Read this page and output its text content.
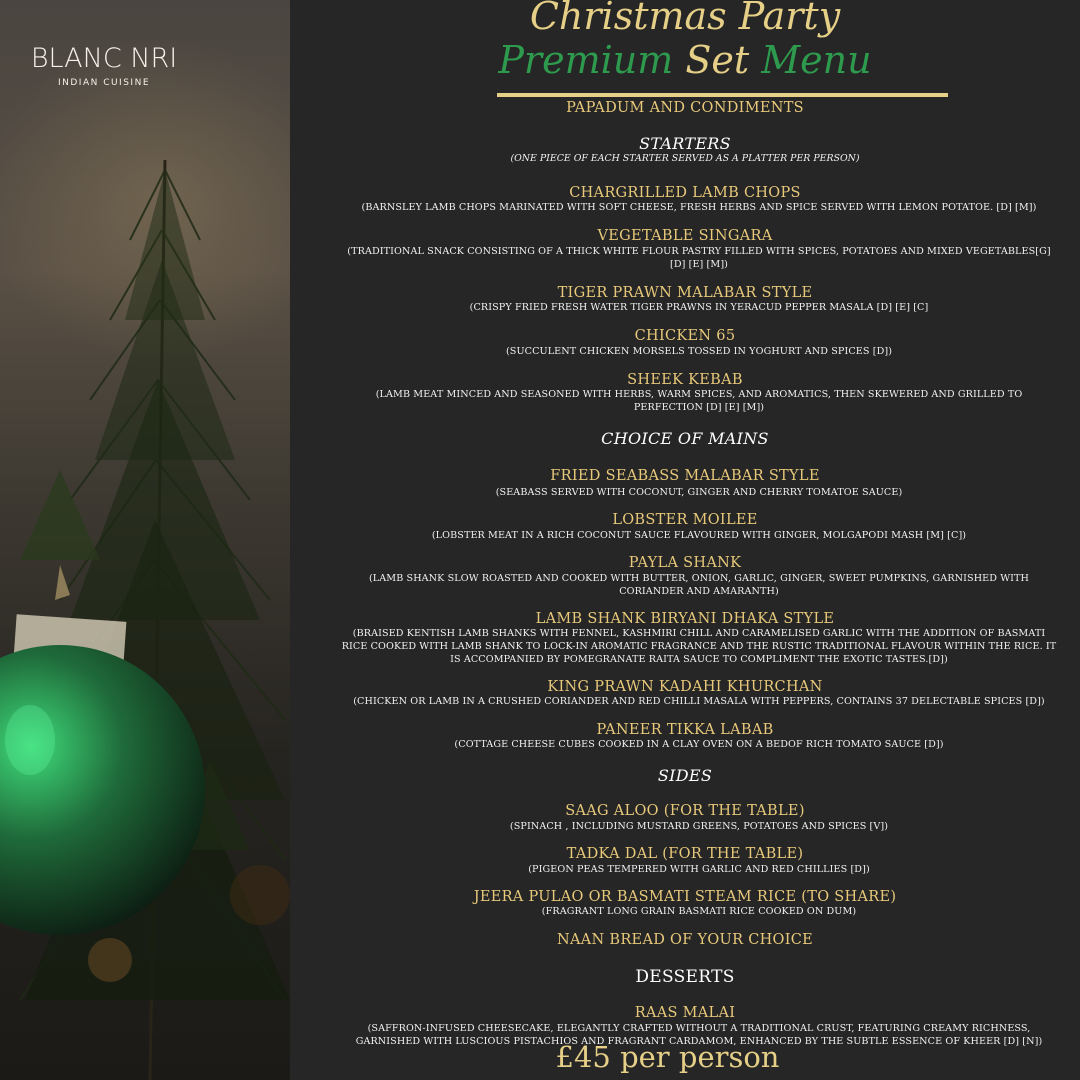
BLANC NRI
INDIAN CUISINE
Christmas Party
Premium Set Menu
PAPADUM AND CONDIMENTS
STARTERS
(ONE PIECE OF EACH STARTER SERVED AS A PLATTER PER PERSON)
CHARGRILLED LAMB CHOPS
(BARNSLEY LAMB CHOPS MARINATED WITH SOFT CHEESE, FRESH HERBS AND SPICE SERVED WITH LEMON POTATOE. [D] [M])
VEGETABLE SINGARA
(TRADITIONAL SNACK CONSISTING OF A THICK WHITE FLOUR PASTRY FILLED WITH SPICES, POTATOES AND MIXED VEGETABLES[G] [D] [E] [M])
TIGER PRAWN MALABAR STYLE
(CRISPY FRIED FRESH WATER TIGER PRAWNS IN YERACUD PEPPER MASALA [D] [E] [C]
CHICKEN 65
(SUCCULENT CHICKEN MORSELS TOSSED IN YOGHURT AND SPICES [D])
SHEEK KEBAB
(LAMB MEAT MINCED AND SEASONED WITH HERBS, WARM SPICES, AND AROMATICS, THEN SKEWERED AND GRILLED TO PERFECTION [D] [E] [M])
CHOICE OF MAINS
FRIED SEABASS MALABAR STYLE
(SEABASS SERVED WITH COCONUT, GINGER AND CHERRY TOMATOE SAUCE)
LOBSTER MOILEE
(LOBSTER MEAT IN A RICH COCONUT SAUCE FLAVOURED WITH GINGER, MOLGAPODI MASH [M] [C])
PAYLA SHANK
(LAMB SHANK SLOW ROASTED AND COOKED WITH BUTTER, ONION, GARLIC, GINGER, SWEET PUMPKINS, GARNISHED WITH CORIANDER AND AMARANTH)
LAMB SHANK BIRYANI DHAKA STYLE
(BRAISED KENTISH LAMB SHANKS WITH FENNEL, KASHMIRI CHILL AND CARAMELISED GARLIC WITH THE ADDITION OF BASMATI RICE COOKED WITH LAMB SHANK TO LOCK-IN AROMATIC FRAGRANCE AND THE RUSTIC TRADITIONAL FLAVOUR WITHIN THE RICE. IT IS ACCOMPANIED BY POMEGRANATE RAITA SAUCE TO COMPLIMENT THE EXOTIC TASTES.[D])
KING PRAWN KADAHI KHURCHAN
(CHICKEN OR LAMB IN A CRUSHED CORIANDER AND RED CHILLI MASALA WITH PEPPERS, CONTAINS 37 DELECTABLE SPICES [D])
PANEER TIKKA LABAB
(COTTAGE CHEESE CUBES COOKED IN A CLAY OVEN ON A BEDOF RICH TOMATO SAUCE [D])
SIDES
SAAG ALOO (FOR THE TABLE)
(SPINACH , INCLUDING MUSTARD GREENS, POTATOES AND SPICES [V])
TADKA DAL (FOR THE TABLE)
(PIGEON PEAS TEMPERED WITH GARLIC AND RED CHILLIES [D])
JEERA PULAO OR BASMATI STEAM RICE (TO SHARE)
(FRAGRANT LONG GRAIN BASMATI RICE COOKED ON DUM)
NAAN BREAD OF YOUR CHOICE
DESSERTS
RAAS MALAI
(SAFFRON-INFUSED CHEESECAKE, ELEGANTLY CRAFTED WITHOUT A TRADITIONAL CRUST, FEATURING CREAMY RICHNESS, GARNISHED WITH LUSCIOUS PISTACHIOS AND FRAGRANT CARDAMOM, ENHANCED BY THE SUBTLE ESSENCE OF KHEER [D] [N])
£45 per person
